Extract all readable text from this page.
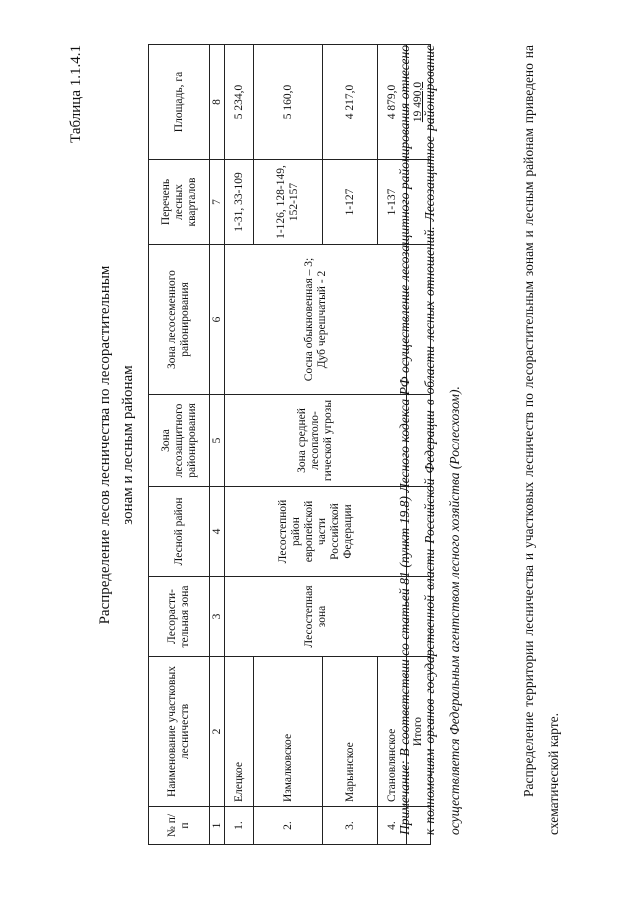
Таблица 1.1.4.1
Распределение лесов лесничества по лесорастительным зонам и лесным районам
№ п/п	Наименование участковых лесничеств	Лесорасти-тельная зона	Лесной район	Зона лесозащитного районирования	Зона лесосеменного районирования	Перечень лесных кварталов	Площадь, га
1	2	3	4	5	6	7	8
1.	Елецкое	Лесостепная зона	Лесостепной район европейской части Российской Федерации	Зона средней лесопатоло-гической угрозы	Сосна обыкновенная – 3; Дуб черешчатый - 2	1-31, 33-109	5 234,0
2.	Измалковское					1-126, 128-149, 152-157	5 160,0
3.	Марьинское					1-127	4 217,0
4.	Становлянское					1-137	4 879,0
	Итого						19 490,0
Примечание: В соответствии со статьей 81 (пункт 19.8) Лесного кодекса РФ осуществление лесозащитного районирования отнесено к полномочиям органов государственной власти Российской Федерации в области лесных отношений. Лесозащитное районирование осуществляется Федеральным агентством лесного хозяйства (Рослесхозом).	Распределение территории лесничества и участковых лесничеств по лесорастительным зонам и лесным районам приведено на схематической карте.
